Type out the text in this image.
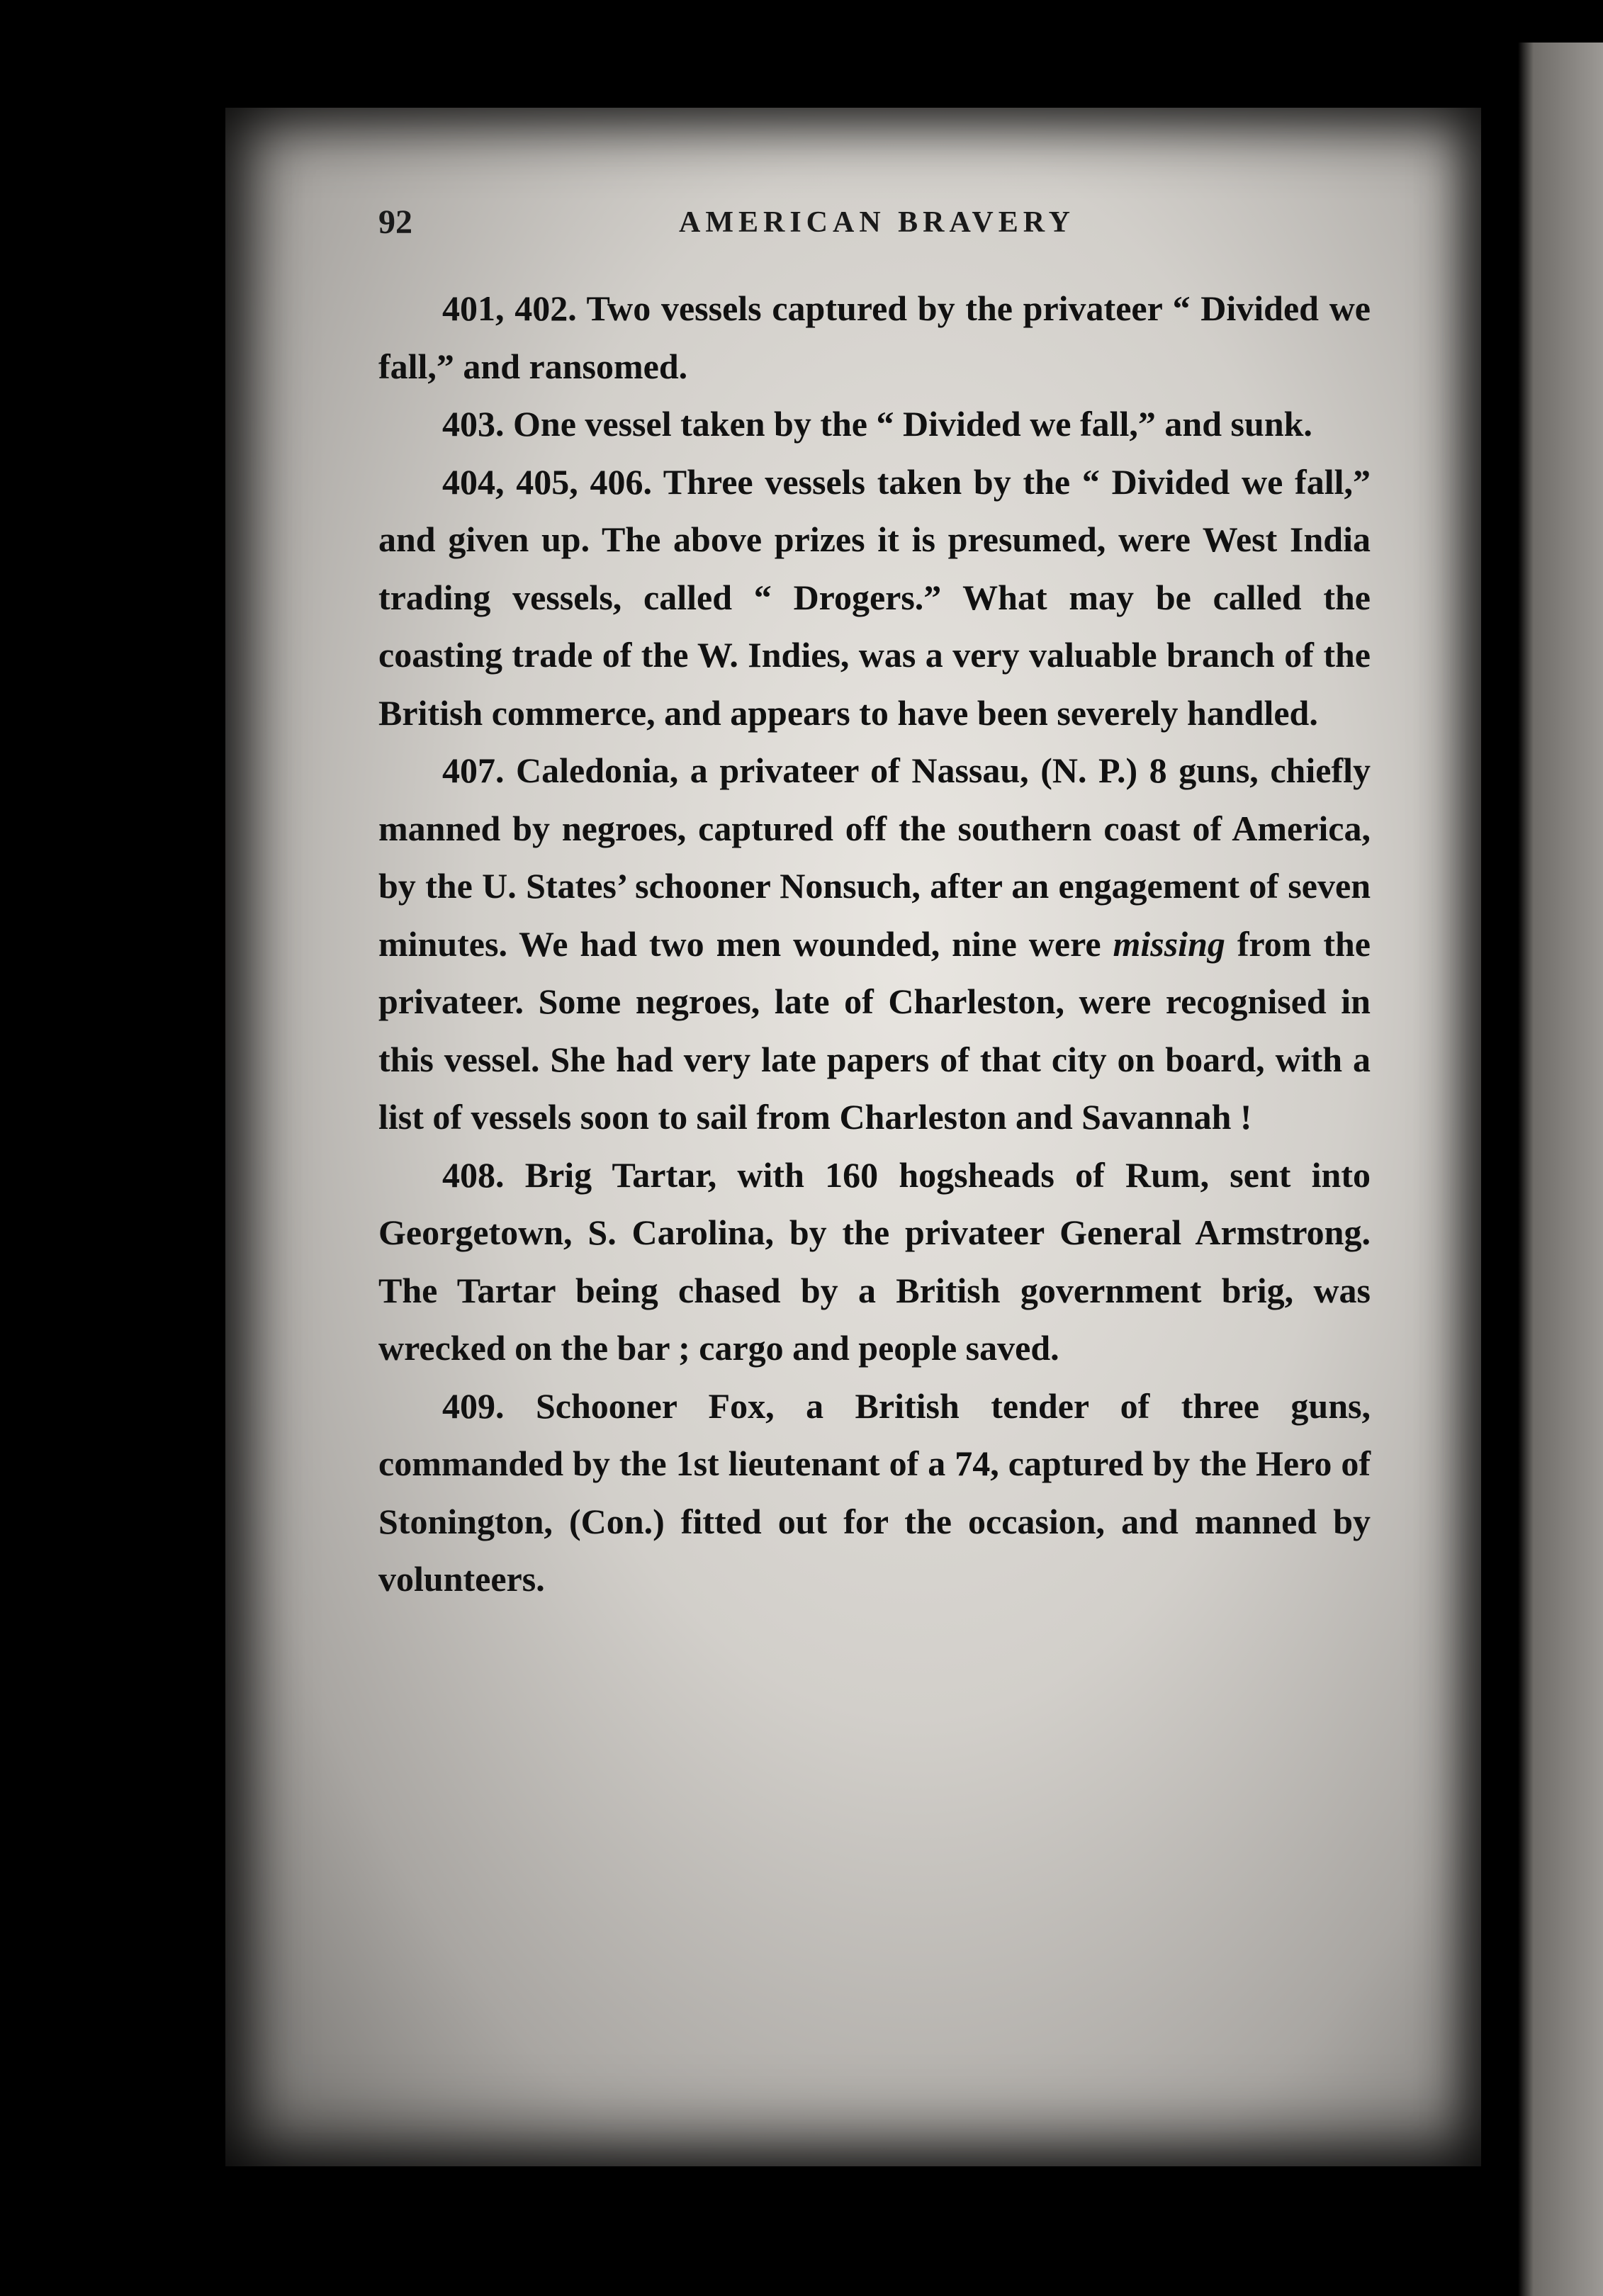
92	AMERICAN BRAVERY

401, 402. Two vessels captured by the privateer “ Divided we fall,” and ransomed.

403. One vessel taken by the “ Divided we fall,” and sunk.

404, 405, 406. Three vessels taken by the “ Divided we fall,” and given up. The above prizes it is presumed, were West India trading vessels, called “ Drogers.” What may be called the coasting trade of the W. Indies, was a very valuable branch of the British commerce, and appears to have been severely handled.

407. Caledonia, a privateer of Nassau, (N. P.) 8 guns, chiefly manned by negroes, captured off the southern coast of America, by the U. States’ schooner Nonsuch, after an engagement of seven minutes. We had two men wounded, nine were missing from the privateer. Some negroes, late of Charleston, were recognised in this vessel. She had very late papers of that city on board, with a list of vessels soon to sail from Charleston and Savannah !

408. Brig Tartar, with 160 hogsheads of Rum, sent into Georgetown, S. Carolina, by the privateer General Armstrong. The Tartar being chased by a British government brig, was wrecked on the bar ; cargo and people saved.

409. Schooner Fox, a British tender of three guns, commanded by the 1st lieutenant of a 74, captured by the Hero of Stonington, (Con.) fitted out for the occasion, and manned by volunteers.
